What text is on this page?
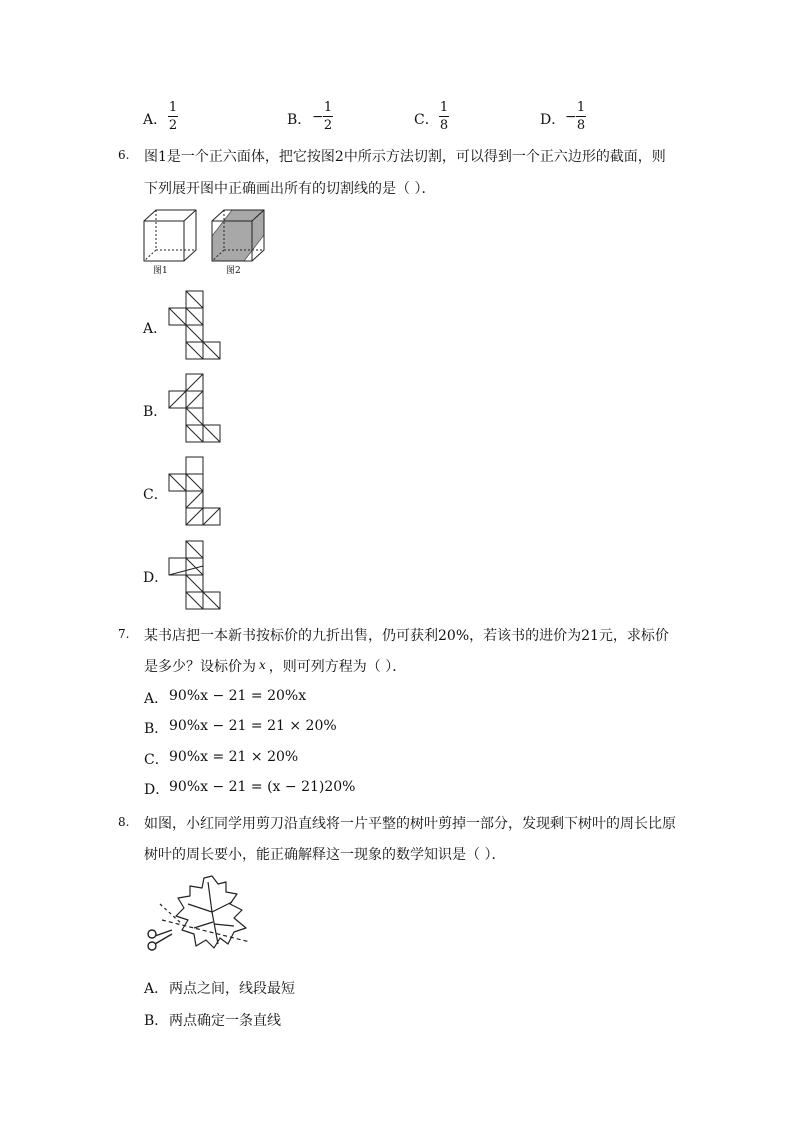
A．
1
2	B． −
1
2	C．
1
8	D． −
1
8
6. 图1是一个正六面体，把它按图2中所示方法切割，可以得到一个正六边形的截面，则
下列展开图中正确画出所有的切割线的是（ ）．
图1	图2
A．
B．
C．
D．
7. 某书店把一本新书按标价的九折出售，仍可获利20%，若该书的进价为21元，求标价
是多少？设标价为 x ，则可列方程为（ ）．
A． 90%x − 21 = 20%x
B． 90%x − 21 = 21 × 20%
C． 90%x = 21 × 20%
D． 90%x − 21 = (x − 21)20%
8. 如图，小红同学用剪刀沿直线将一片平整的树叶剪掉一部分，发现剩下树叶的周长比原
树叶的周长要小，能正确解释这一现象的数学知识是（ ）．
A． 两点之间，线段最短
B． 两点确定一条直线
